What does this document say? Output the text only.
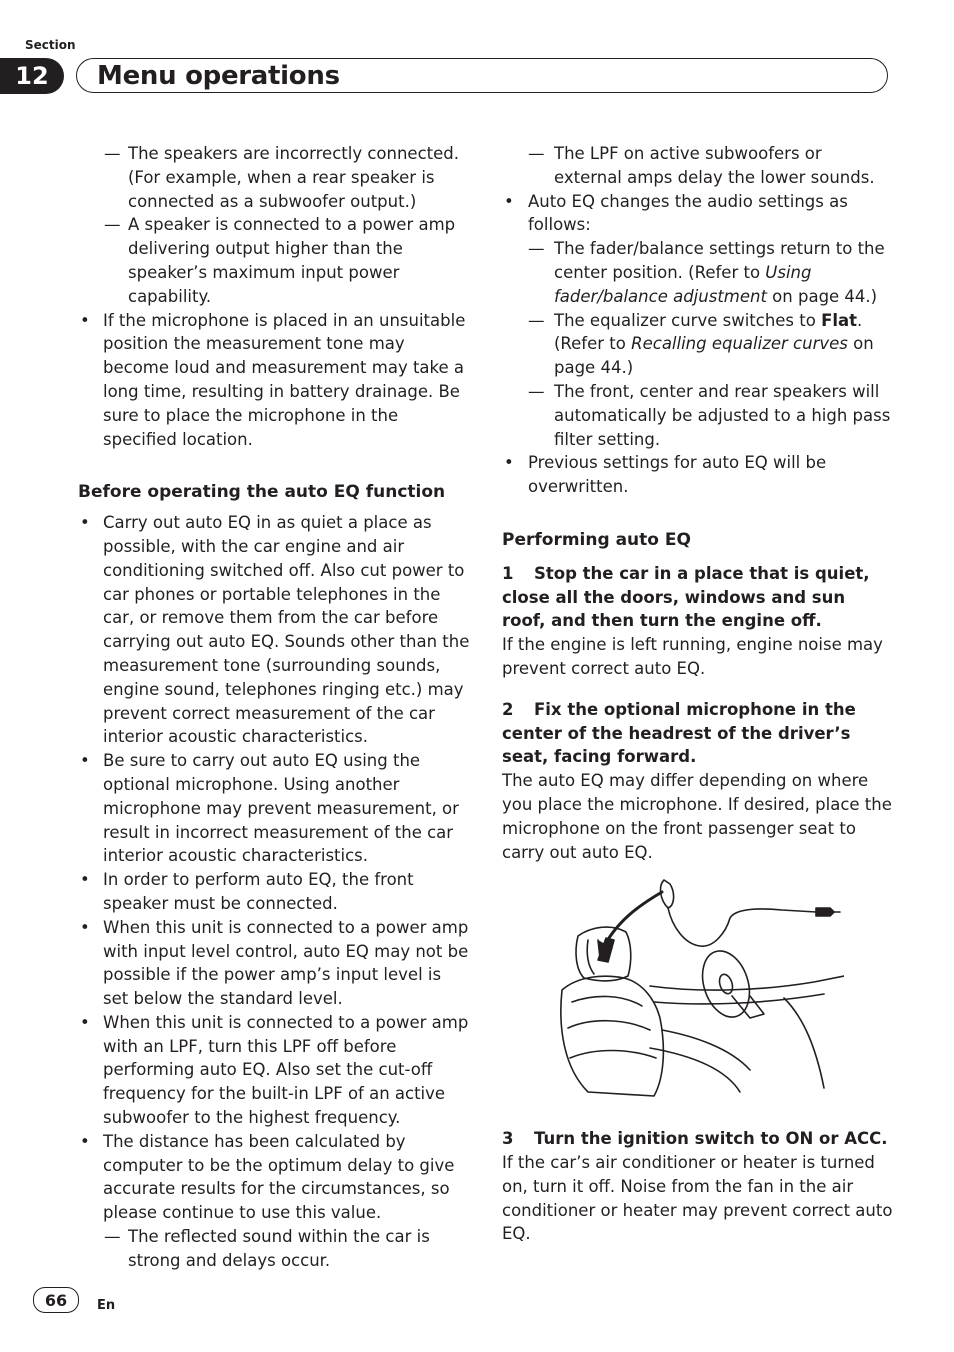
Section
12	Menu operations

— The speakers are incorrectly connected. (For example, when a rear speaker is connected as a subwoofer output.)

— A speaker is connected to a power amp delivering output higher than the speaker’s maximum input power capability.

• If the microphone is placed in an unsuitable position the measurement tone may become loud and measurement may take a long time, resulting in battery drainage. Be sure to place the microphone in the specified location.

Before operating the auto EQ function

• Carry out auto EQ in as quiet a place as possible, with the car engine and air conditioning switched off. Also cut power to car phones or portable telephones in the car, or remove them from the car before carrying out auto EQ. Sounds other than the measurement tone (surrounding sounds, engine sound, telephones ringing etc.) may prevent correct measurement of the car interior acoustic characteristics.

• Be sure to carry out auto EQ using the optional microphone. Using another microphone may prevent measurement, or result in incorrect measurement of the car interior acoustic characteristics.

• In order to perform auto EQ, the front speaker must be connected.

• When this unit is connected to a power amp with input level control, auto EQ may not be possible if the power amp’s input level is set below the standard level.

• When this unit is connected to a power amp with an LPF, turn this LPF off before performing auto EQ. Also set the cut-off frequency for the built-in LPF of an active subwoofer to the highest frequency.

• The distance has been calculated by computer to be the optimum delay to give accurate results for the circumstances, so please continue to use this value.

— The reflected sound within the car is strong and delays occur.

— The LPF on active subwoofers or external amps delay the lower sounds.

• Auto EQ changes the audio settings as follows:

— The fader/balance settings return to the center position. (Refer to Using fader/balance adjustment on page 44.)

— The equalizer curve switches to Flat. (Refer to Recalling equalizer curves on page 44.)

— The front, center and rear speakers will automatically be adjusted to a high pass filter setting.

• Previous settings for auto EQ will be overwritten.

Performing auto EQ

1 Stop the car in a place that is quiet, close all the doors, windows and sun roof, and then turn the engine off.

If the engine is left running, engine noise may prevent correct auto EQ.

2 Fix the optional microphone in the center of the headrest of the driver’s seat, facing forward.

The auto EQ may differ depending on where you place the microphone. If desired, place the microphone on the front passenger seat to carry out auto EQ.

3 Turn the ignition switch to ON or ACC.

If the car’s air conditioner or heater is turned on, turn it off. Noise from the fan in the air conditioner or heater may prevent correct auto EQ.

66	En
